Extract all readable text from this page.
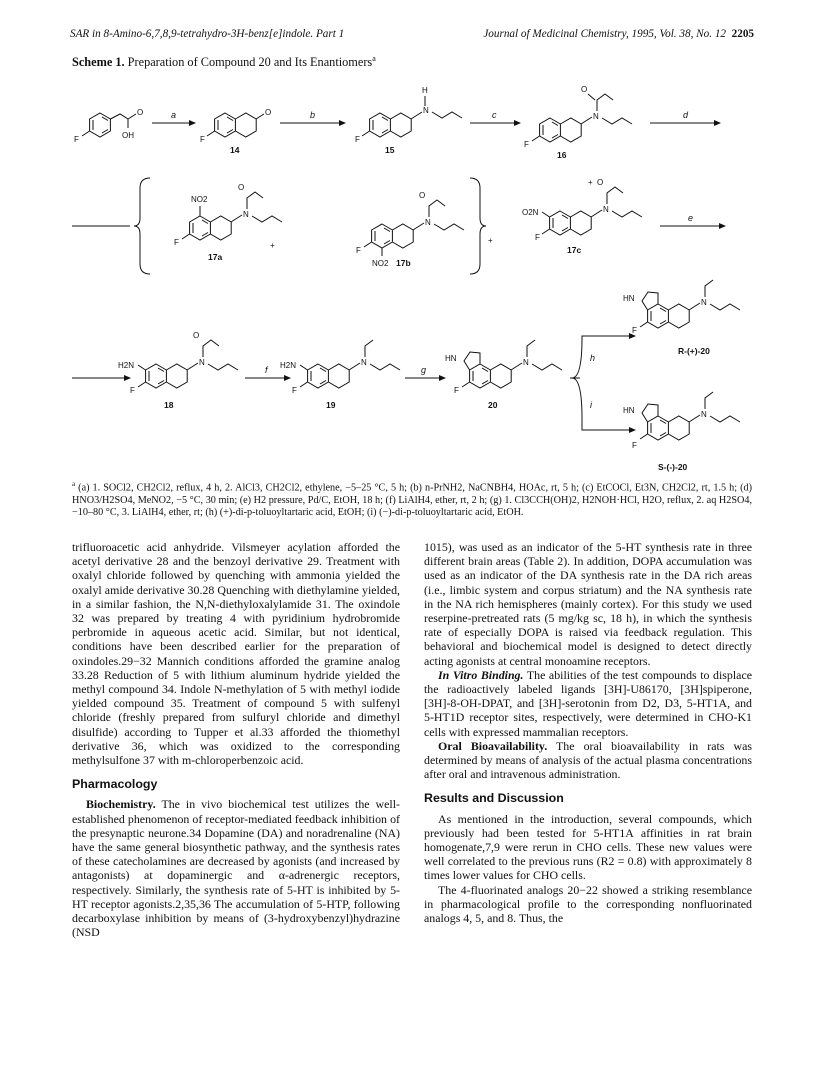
SAR in 8-Amino-6,7,8,9-tetrahydro-3H-benz[e]indole. Part 1	Journal of Medicinal Chemistry, 1995, Vol. 38, No. 12 2205
Scheme 1. Preparation of Compound 20 and Its Enantiomers$^a$
F
O
OH
a
F
O
14
b
F
N
H
15
c
F
N
O
16
d
F
N
O
NO2
17a
+
F
N
O
NO2 17b
+
O2N
F
N
O
+
17c
e
H2N
F
N
O
18
f H2N
F
N
19
g
HN
F
N
20
h
i
HN
F
N
R-(+)-20
HN
F
N
S-(-)-20
$^a$ (a) 1. SOCl2, CH2Cl2, reflux, 4 h, 2. AlCl3, CH2Cl2, ethylene, −5–25 °C, 5 h; (b) n-PrNH2, NaCNBH4, HOAc, rt, 5 h; (c) EtCOCl, Et3N, CH2Cl2, rt, 1.5 h; (d) HNO3/H2SO4, MeNO2, −5 °C, 30 min; (e) H2 pressure, Pd/C, EtOH, 18 h; (f) LiAlH4, ether, rt, 2 h; (g) 1. Cl3CCH(OH)2, H2NOH·HCl, H2O, reflux, 2. aq H2SO4, −10–80 °C, 3. LiAlH4, ether, rt; (h) (+)-di-p-toluoyltartaric acid, EtOH; (i) (−)-di-p-toluoyltartaric acid, EtOH.

trifluoroacetic acid anhydride. Vilsmeyer acylation afforded the acetyl derivative 28 and the benzoyl derivative 29. Treatment with oxalyl chloride followed by quenching with ammonia yielded the oxalyl amide derivative 30.28 Quenching with diethylamine yielded, in a similar fashion, the N,N-diethyloxalylamide 31. The oxindole 32 was prepared by treating 4 with pyridinium hydrobromide perbromide in aqueous acetic acid. Similar, but not identical, conditions have been described earlier for the preparation of oxindoles.29−32 Mannich conditions afforded the gramine analog 33.28 Reduction of 5 with lithium aluminum hydride yielded the methyl compound 34. Indole N-methylation of 5 with methyl iodide yielded compound 35. Treatment of compound 5 with sulfenyl chloride (freshly prepared from sulfuryl chloride and dimethyl disulfide) according to Tupper et al.33 afforded the thiomethyl derivative 36, which was oxidized to the corresponding methylsulfone 37 with m-chloroperbenzoic acid.

Pharmacology

Biochemistry. The in vivo biochemical test utilizes the well-established phenomenon of receptor-mediated feedback inhibition of the presynaptic neurone.34 Dopamine (DA) and noradrenaline (NA) have the same general biosynthetic pathway, and the synthesis rates of these catecholamines are decreased by agonists (and increased by antagonists) at dopaminergic and α-adrenergic receptors, respectively. Similarly, the synthesis rate of 5-HT is inhibited by 5-HT receptor agonists.2,35,36 The accumulation of 5-HTP, following decarboxylase inhibition by means of (3-hydroxybenzyl)hydrazine (NSD

1015), was used as an indicator of the 5-HT synthesis rate in three different brain areas (Table 2). In addition, DOPA accumulation was used as an indicator of the DA synthesis rate in the DA rich areas (i.e., limbic system and corpus striatum) and the NA synthesis rate in the NA rich hemispheres (mainly cortex). For this study we used reserpine-pretreated rats (5 mg/kg sc, 18 h), in which the synthesis rate of especially DOPA is raised via feedback regulation. This behavioral and biochemical model is designed to detect directly acting agonists at central monoamine receptors.

In Vitro Binding. The abilities of the test compounds to displace the radioactively labeled ligands [3H]-U86170, [3H]spiperone, [3H]-8-OH-DPAT, and [3H]-serotonin from D2, D3, 5-HT1A, and 5-HT1D receptor sites, respectively, were determined in CHO-K1 cells with expressed mammalian receptors.

Oral Bioavailability. The oral bioavailability in rats was determined by means of analysis of the actual plasma concentrations after oral and intravenous administration.

Results and Discussion

As mentioned in the introduction, several compounds, which previously had been tested for 5-HT1A affinities in rat brain homogenate,7,9 were rerun in CHO cells. These new values were well correlated to the previous runs (R2 = 0.8) with approximately 8 times lower values for CHO cells.

The 4-fluorinated analogs 20−22 showed a striking resemblance in pharmacological profile to the corresponding nonfluorinated analogs 4, 5, and 8. Thus, the
